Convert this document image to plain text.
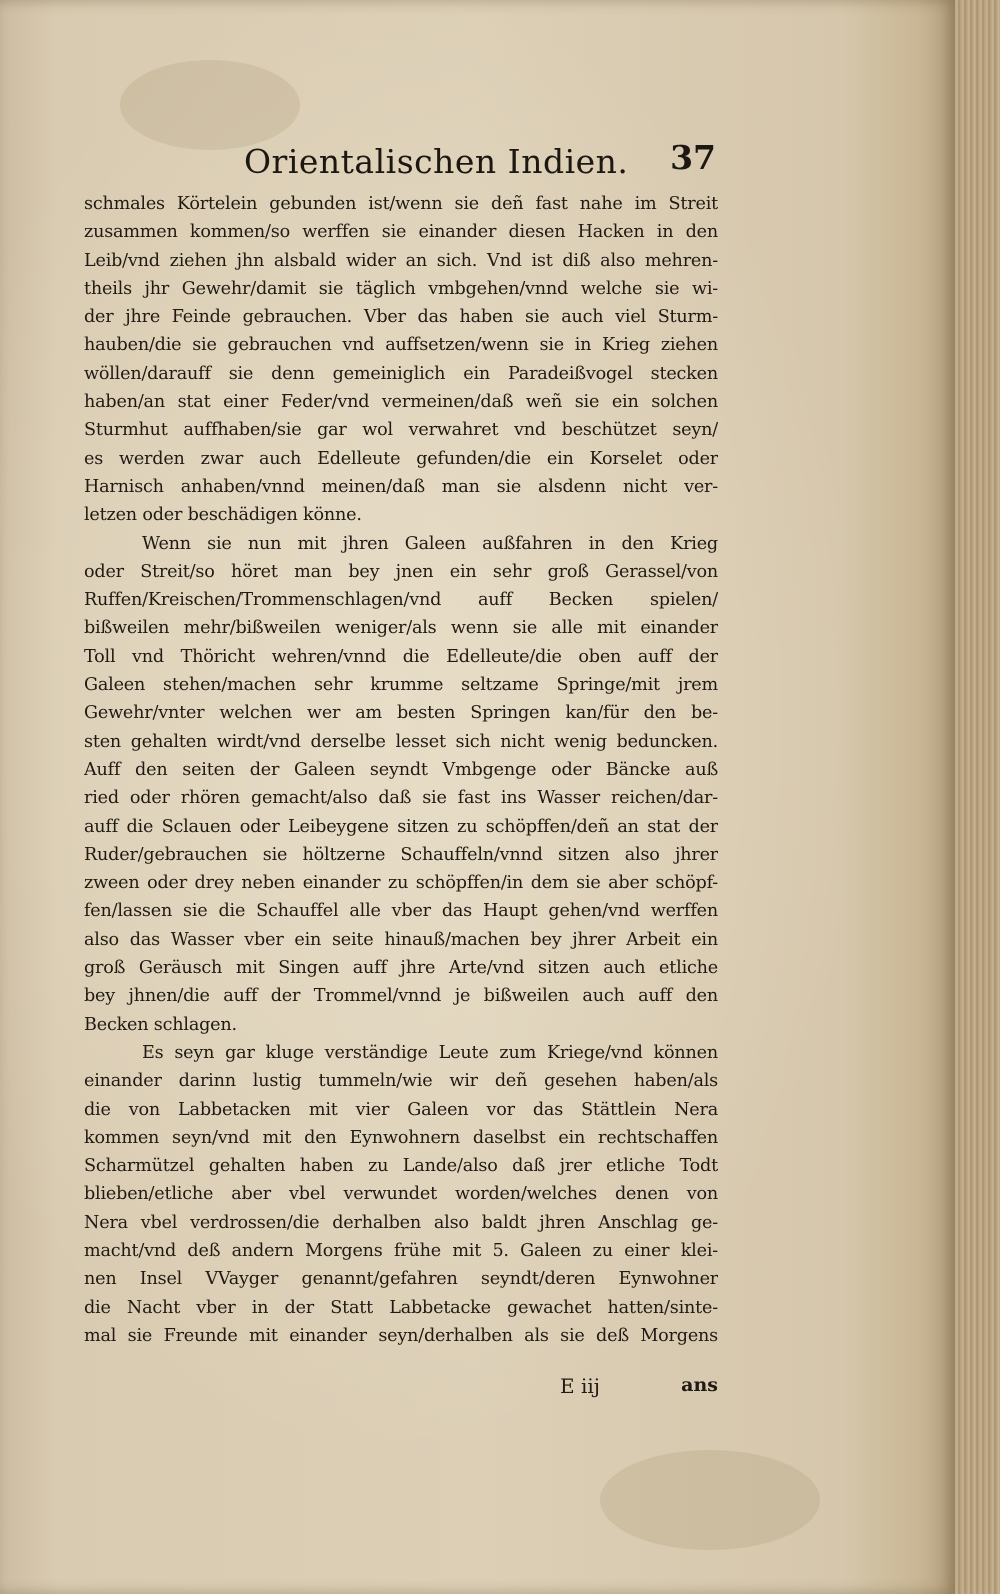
Orientalischen Indien. 37
schmales Körtelein gebunden ist/wenn sie deñ fast nahe im Streit
zusammen kommen/so werffen sie einander diesen Hacken in den
Leib/vnd ziehen jhn alsbald wider an sich. Vnd ist diß also mehren-
theils jhr Gewehr/damit sie täglich vmbgehen/vnnd welche sie wi-
der jhre Feinde gebrauchen. Vber das haben sie auch viel Sturm-
hauben/die sie gebrauchen vnd auffsetzen/wenn sie in Krieg ziehen
wöllen/darauff sie denn gemeiniglich ein Paradeißvogel stecken
haben/an stat einer Feder/vnd vermeinen/daß weñ sie ein solchen
Sturmhut auffhaben/sie gar wol verwahret vnd beschützet seyn/
es werden zwar auch Edelleute gefunden/die ein Korselet oder
Harnisch anhaben/vnnd meinen/daß man sie alsdenn nicht ver-
letzen oder beschädigen könne.
Wenn sie nun mit jhren Galeen außfahren in den Krieg
oder Streit/so höret man bey jnen ein sehr groß Gerassel/von
Ruffen/Kreischen/Trommenschlagen/vnd auff Becken spielen/
bißweilen mehr/bißweilen weniger/als wenn sie alle mit einander
Toll vnd Thöricht wehren/vnnd die Edelleute/die oben auff der
Galeen stehen/machen sehr krumme seltzame Springe/mit jrem
Gewehr/vnter welchen wer am besten Springen kan/für den be-
sten gehalten wirdt/vnd derselbe lesset sich nicht wenig beduncken.
Auff den seiten der Galeen seyndt Vmbgenge oder Bäncke auß
ried oder rhören gemacht/also daß sie fast ins Wasser reichen/dar-
auff die Sclauen oder Leibeygene sitzen zu schöpffen/deñ an stat der
Ruder/gebrauchen sie höltzerne Schauffeln/vnnd sitzen also jhrer
zween oder drey neben einander zu schöpffen/in dem sie aber schöpf-
fen/lassen sie die Schauffel alle vber das Haupt gehen/vnd werffen
also das Wasser vber ein seite hinauß/machen bey jhrer Arbeit ein
groß Geräusch mit Singen auff jhre Arte/vnd sitzen auch etliche
bey jhnen/die auff der Trommel/vnnd je bißweilen auch auff den
Becken schlagen.
Es seyn gar kluge verständige Leute zum Kriege/vnd können
einander darinn lustig tummeln/wie wir deñ gesehen haben/als
die von Labbetacken mit vier Galeen vor das Stättlein Nera
kommen seyn/vnd mit den Eynwohnern daselbst ein rechtschaffen
Scharmützel gehalten haben zu Lande/also daß jrer etliche Todt
blieben/etliche aber vbel verwundet worden/welches denen von
Nera vbel verdrossen/die derhalben also baldt jhren Anschlag ge-
macht/vnd deß andern Morgens frühe mit 5. Galeen zu einer klei-
nen Insel VVayger genannt/gefahren seyndt/deren Eynwohner
die Nacht vber in der Statt Labbetacke gewachet hatten/sinte-
mal sie Freunde mit einander seyn/derhalben als sie deß Morgens
E iij	ans
